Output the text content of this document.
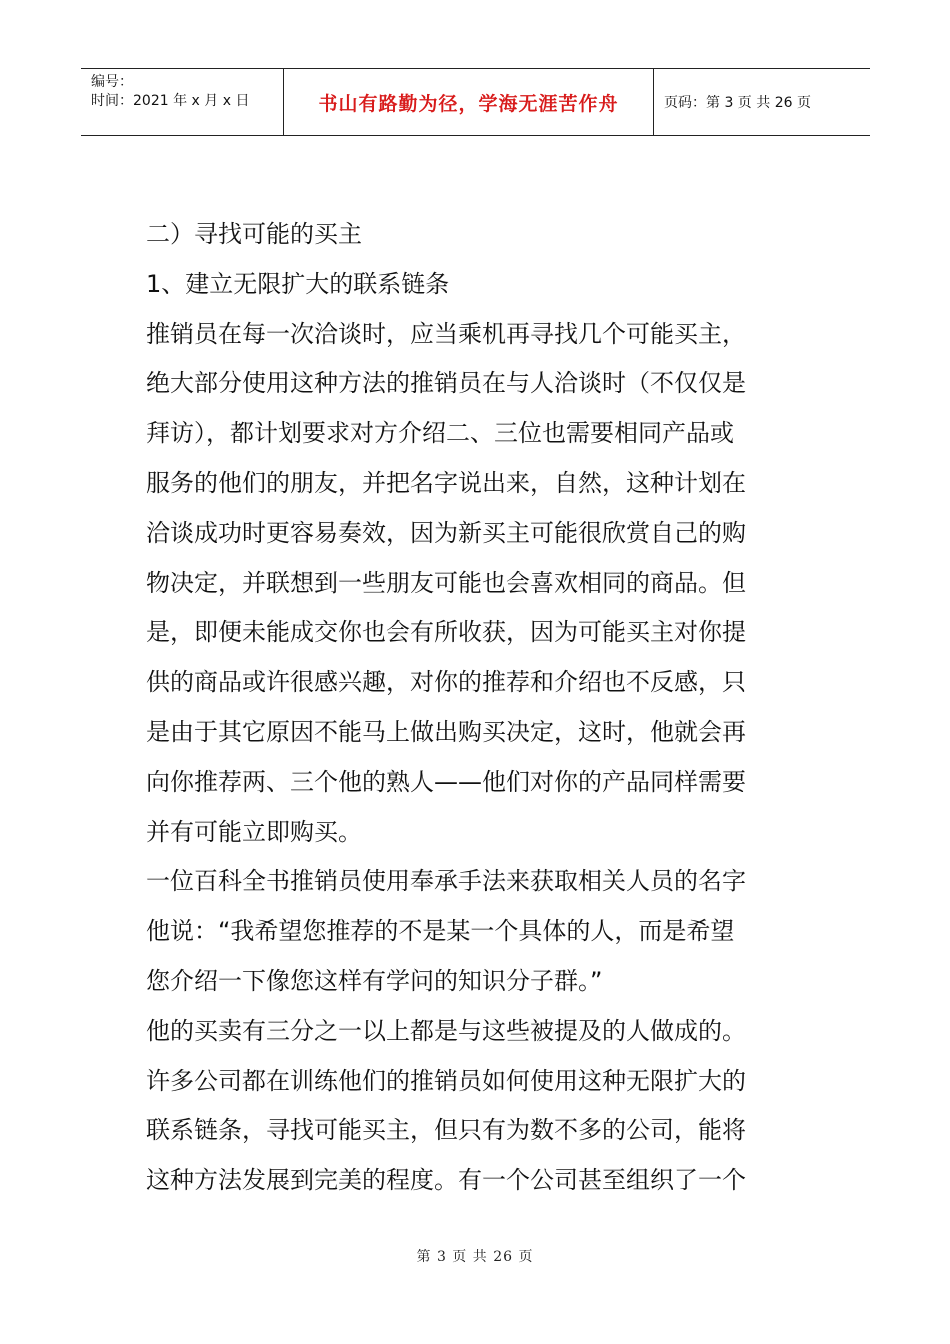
编号：
时间：2021 年 x 月 x 日	书山有路勤为径，学海无涯苦作舟	页码：第 3 页 共 26 页
二）寻找可能的买主
1、建立无限扩大的联系链条
推销员在每一次洽谈时，应当乘机再寻找几个可能买主，
绝大部分使用这种方法的推销员在与人洽谈时（不仅仅是
拜访），都计划要求对方介绍二、三位也需要相同产品或
服务的他们的朋友，并把名字说出来，自然，这种计划在
洽谈成功时更容易奏效，因为新买主可能很欣赏自己的购
物决定，并联想到一些朋友可能也会喜欢相同的商品。但
是，即便未能成交你也会有所收获，因为可能买主对你提
供的商品或许很感兴趣，对你的推荐和介绍也不反感，只
是由于其它原因不能马上做出购买决定，这时，他就会再
向你推荐两、三个他的熟人——他们对你的产品同样需要
并有可能立即购买。
一位百科全书推销员使用奉承手法来获取相关人员的名字
他说：“我希望您推荐的不是某一个具体的人，而是希望
您介绍一下像您这样有学问的知识分子群。”
他的买卖有三分之一以上都是与这些被提及的人做成的。
许多公司都在训练他们的推销员如何使用这种无限扩大的
联系链条，寻找可能买主，但只有为数不多的公司，能将
这种方法发展到完美的程度。有一个公司甚至组织了一个
第 3 页 共 26 页
